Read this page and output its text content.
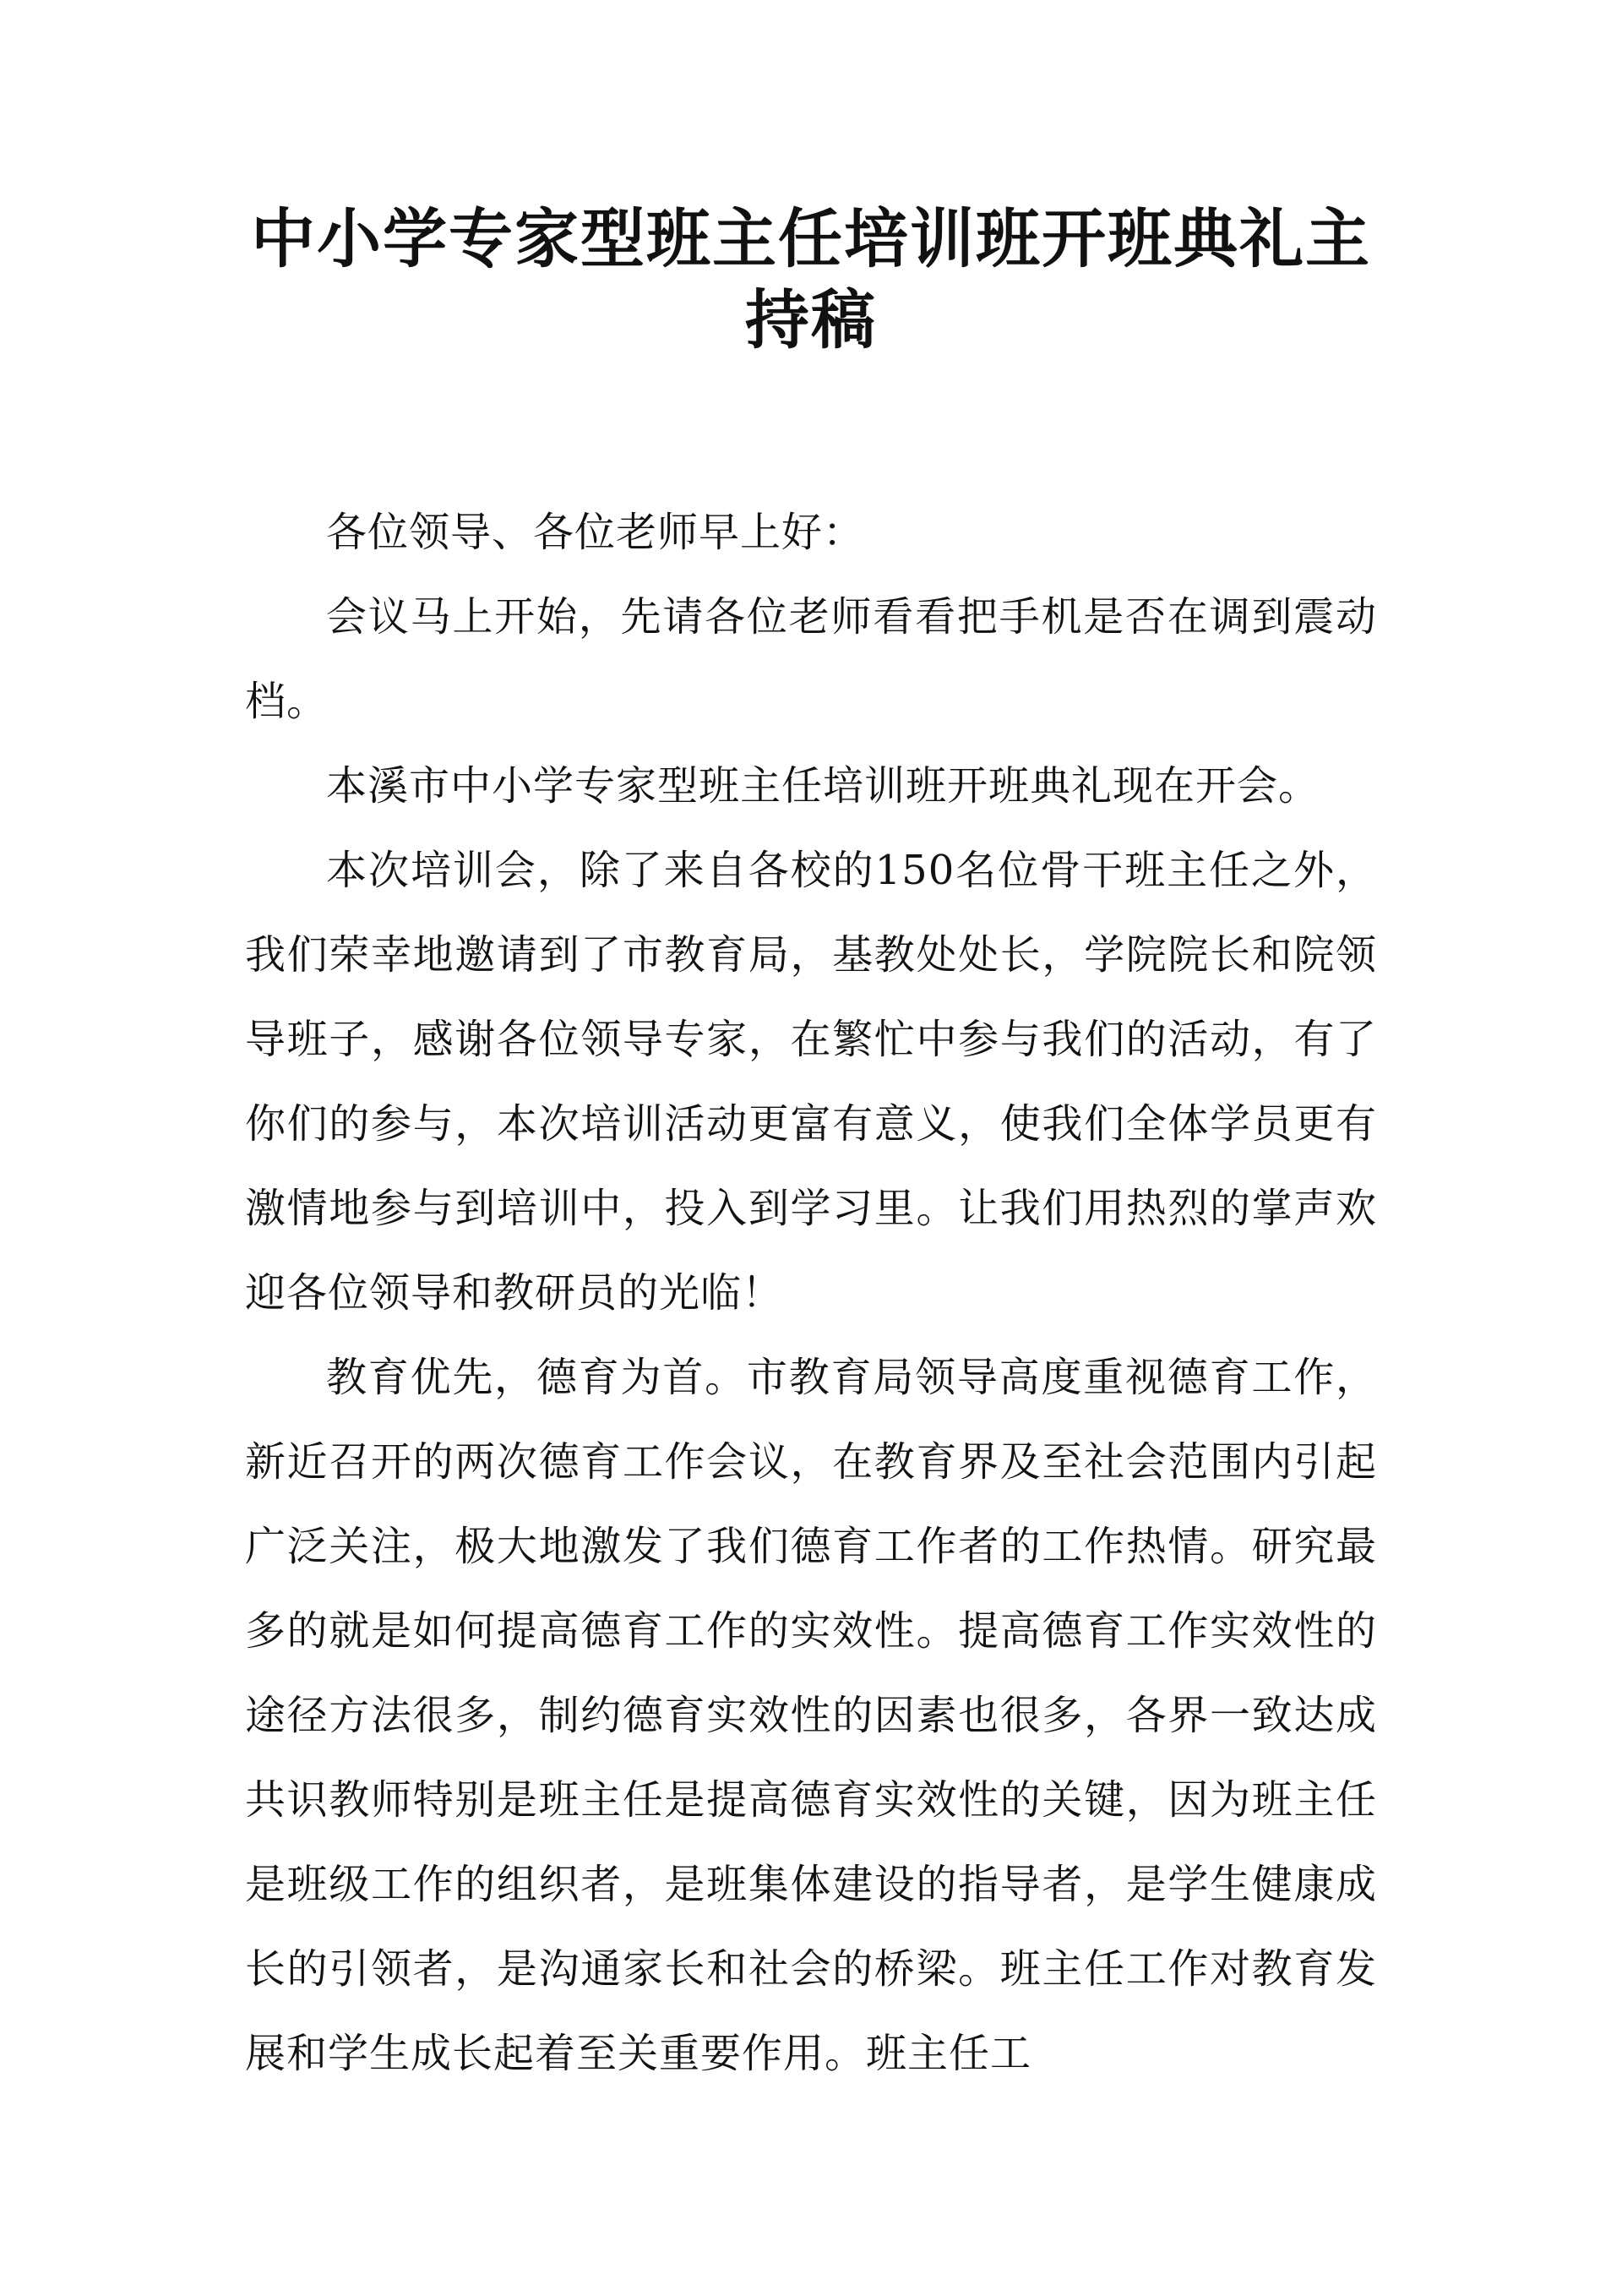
中小学专家型班主任培训班开班典礼主持稿

各位领导、各位老师早上好：

会议马上开始，先请各位老师看看把手机是否在调到震动档。

本溪市中小学专家型班主任培训班开班典礼现在开会。

本次培训会，除了来自各校的150名位骨干班主任之外，我们荣幸地邀请到了市教育局，基教处处长，学院院长和院领导班子，感谢各位领导专家，在繁忙中参与我们的活动，有了你们的参与，本次培训活动更富有意义，使我们全体学员更有激情地参与到培训中，投入到学习里。让我们用热烈的掌声欢迎各位领导和教研员的光临！

教育优先，德育为首。市教育局领导高度重视德育工作，新近召开的两次德育工作会议，在教育界及至社会范围内引起广泛关注，极大地激发了我们德育工作者的工作热情。研究最多的就是如何提高德育工作的实效性。提高德育工作实效性的途径方法很多，制约德育实效性的因素也很多，各界一致达成共识教师特别是班主任是提高德育实效性的关键，因为班主任是班级工作的组织者，是班集体建设的指导者，是学生健康成长的引领者，是沟通家长和社会的桥梁。班主任工作对教育发展和学生成长起着至关重要作用。班主任工
